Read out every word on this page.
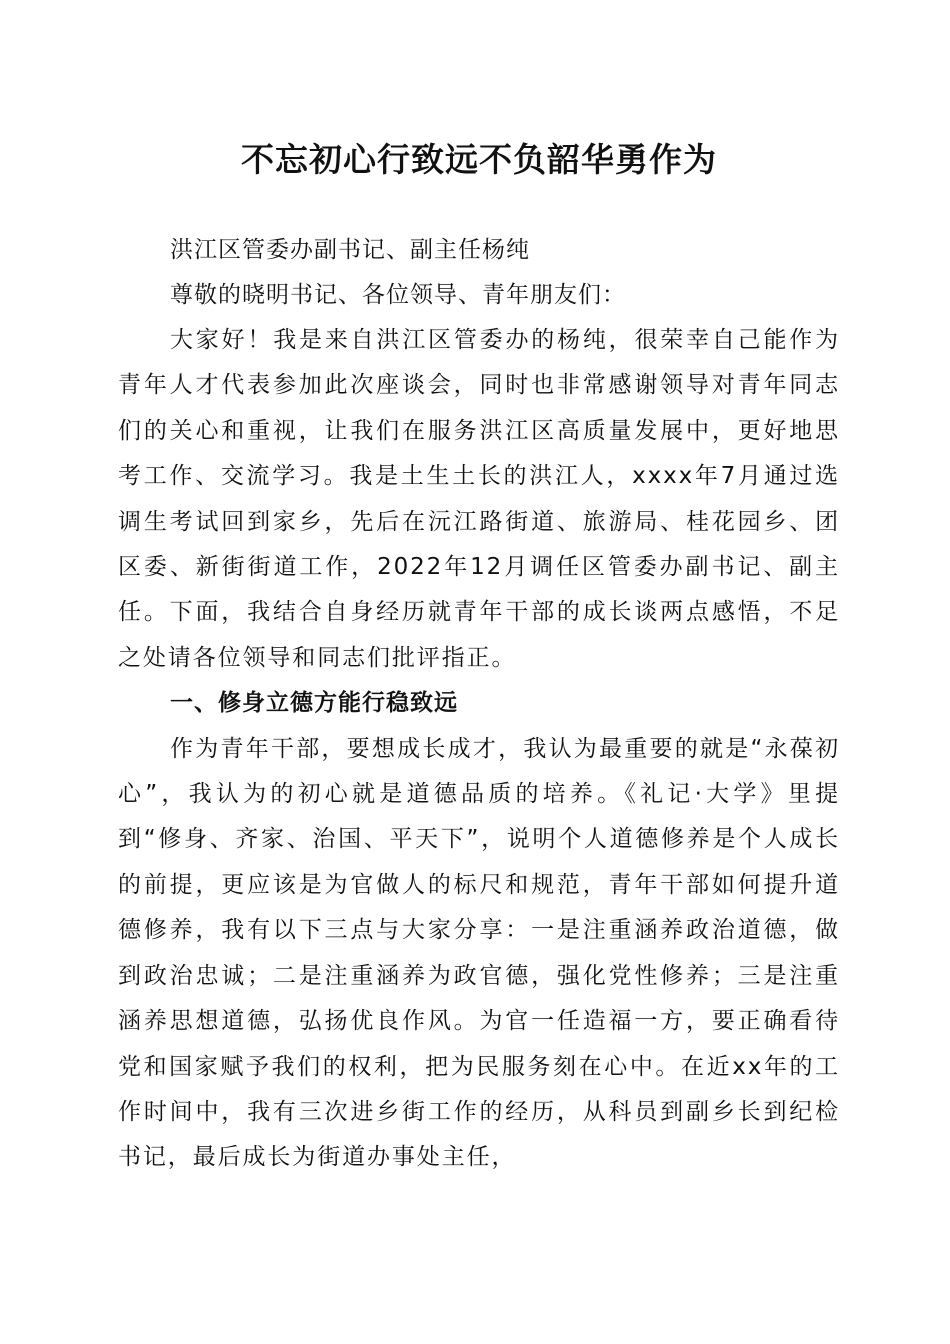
不忘初心行致远不负韶华勇作为

洪江区管委办副书记、副主任杨纯

尊敬的晓明书记、各位领导、青年朋友们：

大家好！我是来自洪江区管委办的杨纯，很荣幸自己能作为青年人才代表参加此次座谈会，同时也非常感谢领导对青年同志们的关心和重视，让我们在服务洪江区高质量发展中，更好地思考工作、交流学习。我是土生土长的洪江人，xxxx年7月通过选调生考试回到家乡，先后在沅江路街道、旅游局、桂花园乡、团区委、新街街道工作，2022年12月调任区管委办副书记、副主任。下面，我结合自身经历就青年干部的成长谈两点感悟，不足之处请各位领导和同志们批评指正。

一、修身立德方能行稳致远

作为青年干部，要想成长成才，我认为最重要的就是“永葆初心”，我认为的初心就是道德品质的培养。《礼记·大学》里提到“修身、齐家、治国、平天下”，说明个人道德修养是个人成长的前提，更应该是为官做人的标尺和规范，青年干部如何提升道德修养，我有以下三点与大家分享：一是注重涵养政治道德，做到政治忠诚；二是注重涵养为政官德，强化党性修养；三是注重涵养思想道德，弘扬优良作风。为官一任造福一方，要正确看待党和国家赋予我们的权利，把为民服务刻在心中。在近xx年的工作时间中，我有三次进乡街工作的经历，从科员到副乡长到纪检书记，最后成长为街道办事处主任，
